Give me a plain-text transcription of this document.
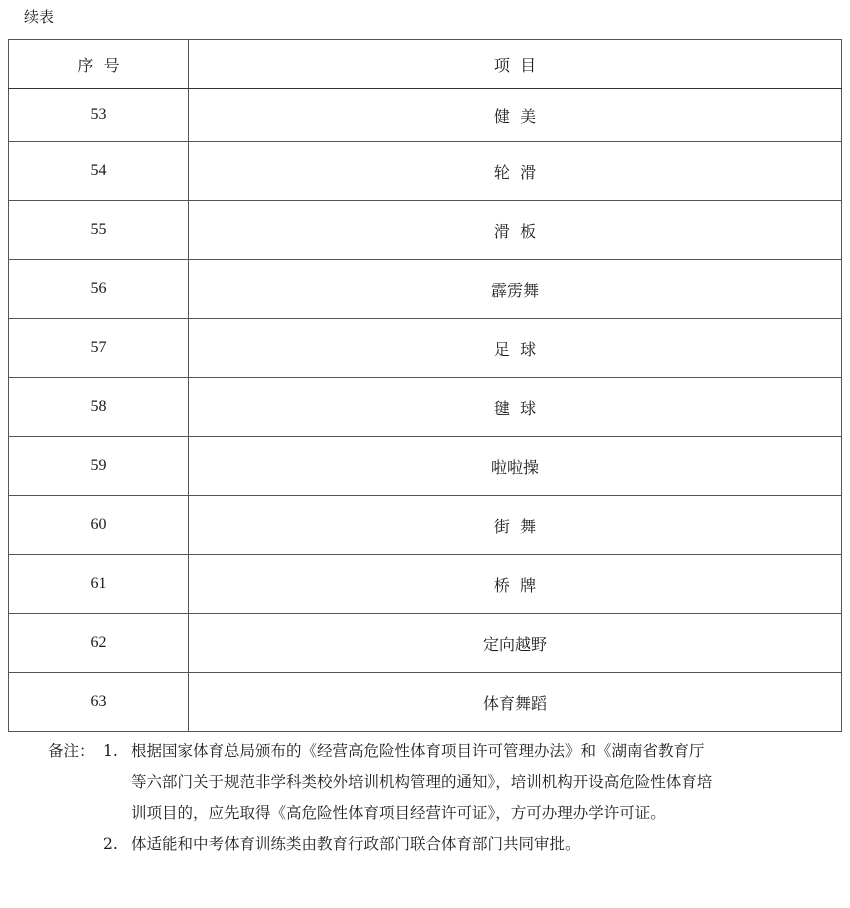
续表
序  号	项  目
53	健  美
54	轮  滑
55	滑  板
56	霹雳舞
57	足  球
58	毽  球
59	啦啦操
60	街  舞
61	桥  牌
62	定向越野
63	体育舞蹈
备注： 1. 根据国家体育总局颁布的《经营高危险性体育项目许可管理办法》和《湖南省教育厅
等六部门关于规范非学科类校外培训机构管理的通知》，培训机构开设高危险性体育培
训项目的，应先取得《高危险性体育项目经营许可证》，方可办理办学许可证。
2. 体适能和中考体育训练类由教育行政部门联合体育部门共同审批。
